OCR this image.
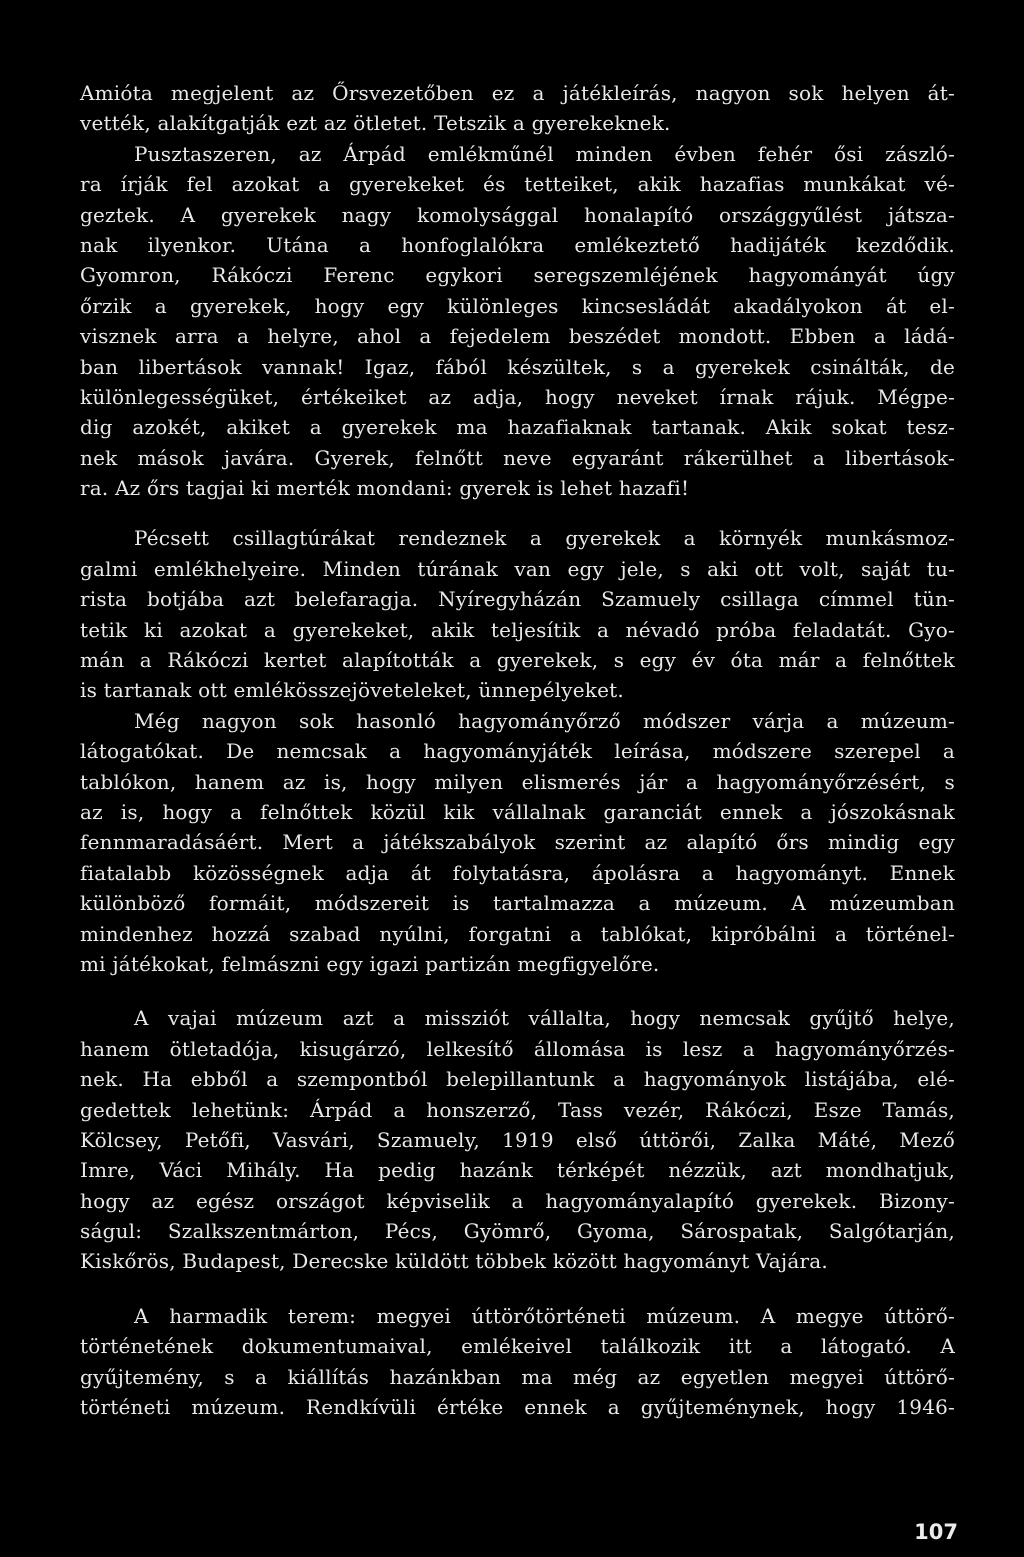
Amióta megjelent az Őrsvezetőben ez a játékleírás, nagyon sok helyen át-
vették, alakítgatják ezt az ötletet. Tetszik a gyerekeknek.
Pusztaszeren, az Árpád emlékműnél minden évben fehér ősi zászló-
ra írják fel azokat a gyerekeket és tetteiket, akik hazafias munkákat vé-
geztek. A gyerekek nagy komolysággal honalapító országgyűlést játsza-
nak ilyenkor. Utána a honfoglalókra emlékeztető hadijáték kezdődik.
Gyomron, Rákóczi Ferenc egykori seregszemléjének hagyományát úgy
őrzik a gyerekek, hogy egy különleges kincsesládát akadályokon át el-
visznek arra a helyre, ahol a fejedelem beszédet mondott. Ebben a ládá-
ban libertások vannak! Igaz, fából készültek, s a gyerekek csinálták, de
különlegességüket, értékeiket az adja, hogy neveket írnak rájuk. Mégpe-
dig azokét, akiket a gyerekek ma hazafiaknak tartanak. Akik sokat tesz-
nek mások javára. Gyerek, felnőtt neve egyaránt rákerülhet a libertások-
ra. Az őrs tagjai ki merték mondani: gyerek is lehet hazafi!
Pécsett csillagtúrákat rendeznek a gyerekek a környék munkásmoz-
galmi emlékhelyeire. Minden túrának van egy jele, s aki ott volt, saját tu-
rista botjába azt belefaragja. Nyíregyházán Szamuely csillaga címmel tün-
tetik ki azokat a gyerekeket, akik teljesítik a névadó próba feladatát. Gyo-
mán a Rákóczi kertet alapították a gyerekek, s egy év óta már a felnőttek
is tartanak ott emlékösszejöveteleket, ünnepélyeket.
Még nagyon sok hasonló hagyományőrző módszer várja a múzeum-
látogatókat. De nemcsak a hagyományjáték leírása, módszere szerepel a
tablókon, hanem az is, hogy milyen elismerés jár a hagyományőrzésért, s
az is, hogy a felnőttek közül kik vállalnak garanciát ennek a jószokásnak
fennmaradásáért. Mert a játékszabályok szerint az alapító őrs mindig egy
fiatalabb közösségnek adja át folytatásra, ápolásra a hagyományt. Ennek
különböző formáit, módszereit is tartalmazza a múzeum. A múzeumban
mindenhez hozzá szabad nyúlni, forgatni a tablókat, kipróbálni a történel-
mi játékokat, felmászni egy igazi partizán megfigyelőre.
A vajai múzeum azt a missziót vállalta, hogy nemcsak gyűjtő helye,
hanem ötletadója, kisugárzó, lelkesítő állomása is lesz a hagyományőrzés-
nek. Ha ebből a szempontból belepillantunk a hagyományok listájába, elé-
gedettek lehetünk: Árpád a honszerző, Tass vezér, Rákóczi, Esze Tamás,
Kölcsey, Petőfi, Vasvári, Szamuely, 1919 első úttörői, Zalka Máté, Mező
Imre, Váci Mihály. Ha pedig hazánk térképét nézzük, azt mondhatjuk,
hogy az egész országot képviselik a hagyományalapító gyerekek. Bizony-
ságul: Szalkszentmárton, Pécs, Gyömrő, Gyoma, Sárospatak, Salgótarján,
Kiskőrös, Budapest, Derecske küldött többek között hagyományt Vajára.
A harmadik terem: megyei úttörőtörténeti múzeum. A megye úttörő-
történetének dokumentumaival, emlékeivel találkozik itt a látogató. A
gyűjtemény, s a kiállítás hazánkban ma még az egyetlen megyei úttörő-
történeti múzeum. Rendkívüli értéke ennek a gyűjteménynek, hogy 1946-
107
